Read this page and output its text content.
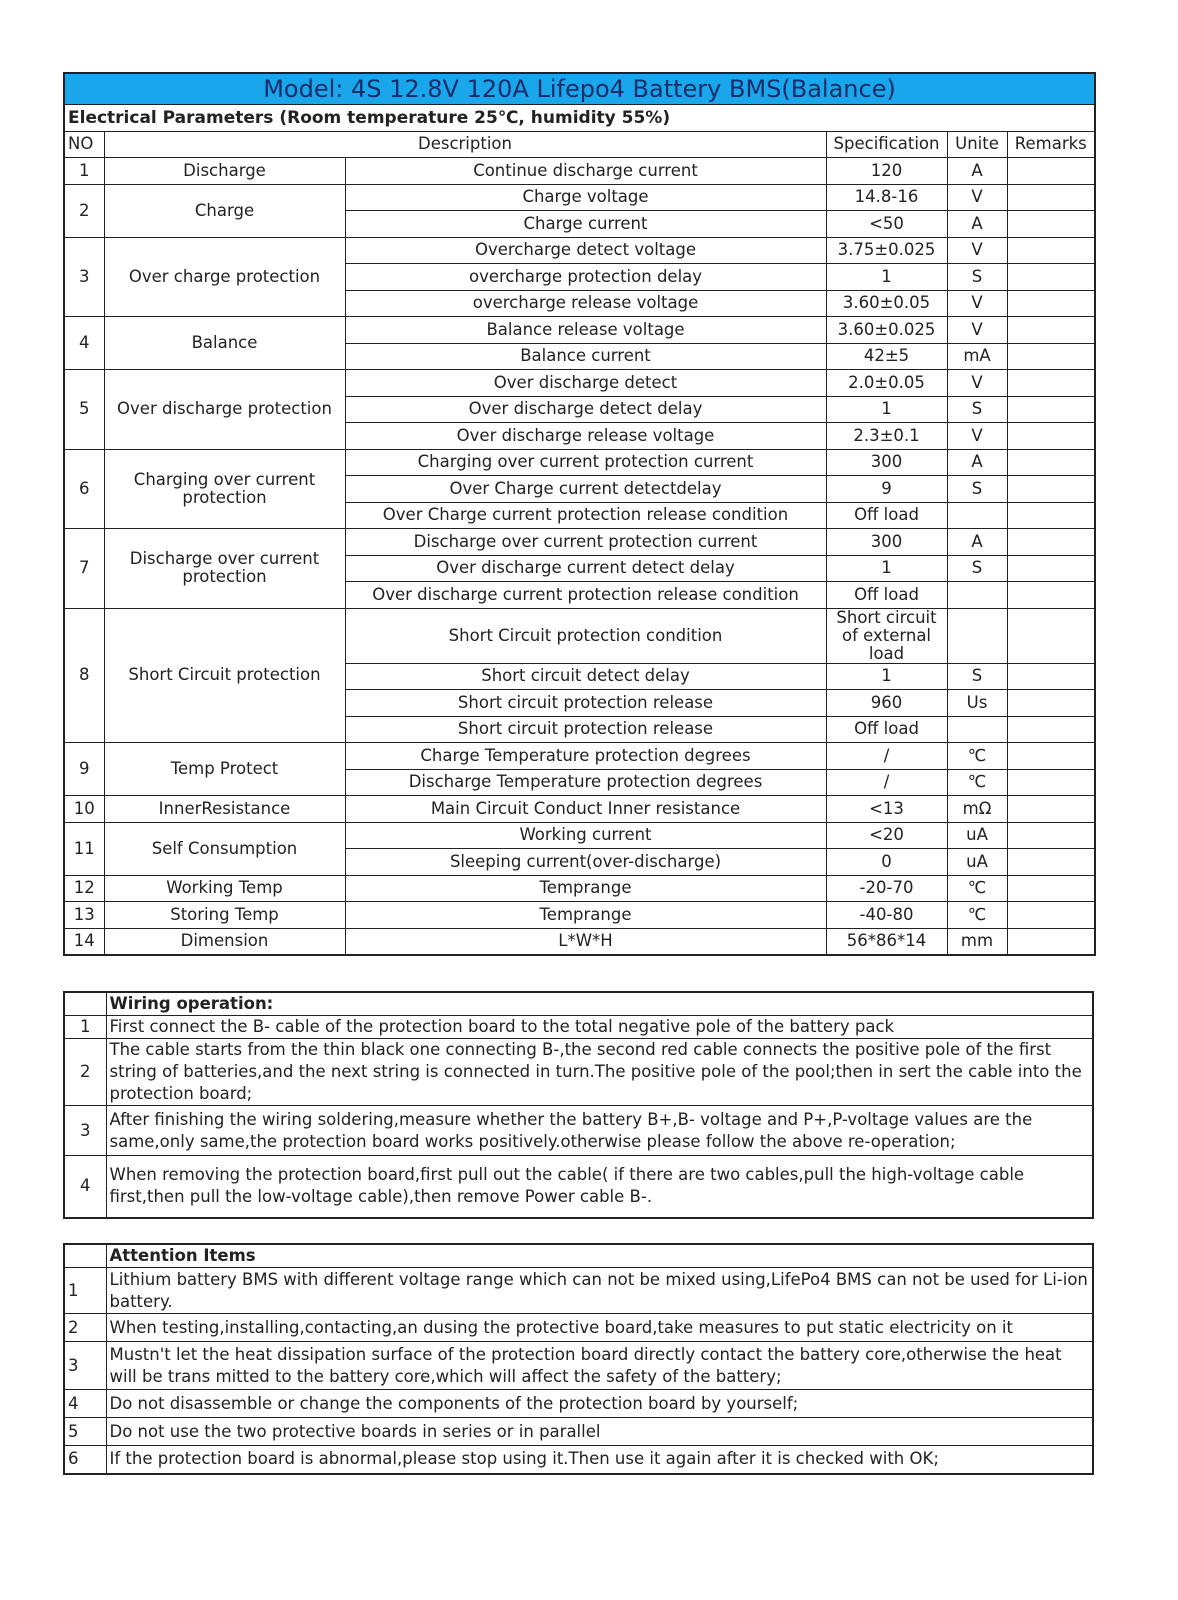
Model: 4S 12.8V 120A Lifepo4 Battery BMS(Balance)					
Electrical Parameters (Room temperature 25℃, humidity 55%)					
NO	Description		Specification	Unite	Remarks
1	Discharge	Continue discharge current	120	A	
2	Charge	Charge voltage	14.8-16	V	
		Charge current	<50	A	
3	Over charge protection	Overcharge detect voltage	3.75±0.025	V	
		overcharge protection delay	1	S	
		overcharge release voltage	3.60±0.05	V	
4	Balance	Balance release voltage	3.60±0.025	V	
		Balance current	42±5	mA	
5	Over discharge protection	Over discharge detect	2.0±0.05	V	
		Over discharge detect delay	1	S	
		Over discharge release voltage	2.3±0.1	V	
6	Charging over current protection	Charging over current protection current	300	A	
		Over Charge current detectdelay	9	S	
		Over Charge current protection release condition	Off load		
7	Discharge over current protection	Discharge over current protection current	300	A	
		Over discharge current detect delay	1	S	
		Over discharge current protection release condition	Off load		
8	Short Circuit protection	Short Circuit protection condition	Short circuit of external load		
		Short circuit detect delay	1	S	
		Short circuit protection release	960	Us	
		Short circuit protection release	Off load		
9	Temp Protect	Charge Temperature protection degrees	/	℃	
		Discharge Temperature protection degrees	/	℃	
10	InnerResistance	Main Circuit Conduct Inner resistance	<13	mΩ	
11	Self Consumption	Working current	<20	uA	
		Sleeping current(over-discharge)	0	uA	
12	Working Temp	Temprange	-20-70	℃	
13	Storing Temp	Temprange	-40-80	℃	
14	Dimension	L*W*H	56*86*14	mm	
	Wiring operation:
1	First connect the B- cable of the protection board to the total negative pole of the battery pack
2	The cable starts from the thin black one connecting B-,the second red cable connects the positive pole of the first string of batteries,and the next string is connected in turn.The positive pole of the pool;then in sert the cable into the protection board;
3	After finishing the wiring soldering,measure whether the battery B+,B- voltage and P+,P-voltage values are the same,only same,the protection board works positively.otherwise please follow the above re-operation;
4	When removing the protection board,first pull out the cable( if there are two cables,pull the high-voltage cable first,then pull the low-voltage cable),then remove Power cable B-.
	Attention Items
1	Lithium battery BMS with different voltage range which can not be mixed using,LifePo4 BMS can not be used for Li-ion battery.
2	When testing,installing,contacting,an dusing the protective board,take measures to put static electricity on it
3	Mustn't let the heat dissipation surface of the protection board directly contact the battery core,otherwise the heat will be trans mitted to the battery core,which will affect the safety of the battery;
4	Do not disassemble or change the components of the protection board by yourself;
5	Do not use the two protective boards in series or in parallel
6	If the protection board is abnormal,please stop using it.Then use it again after it is checked with OK;
